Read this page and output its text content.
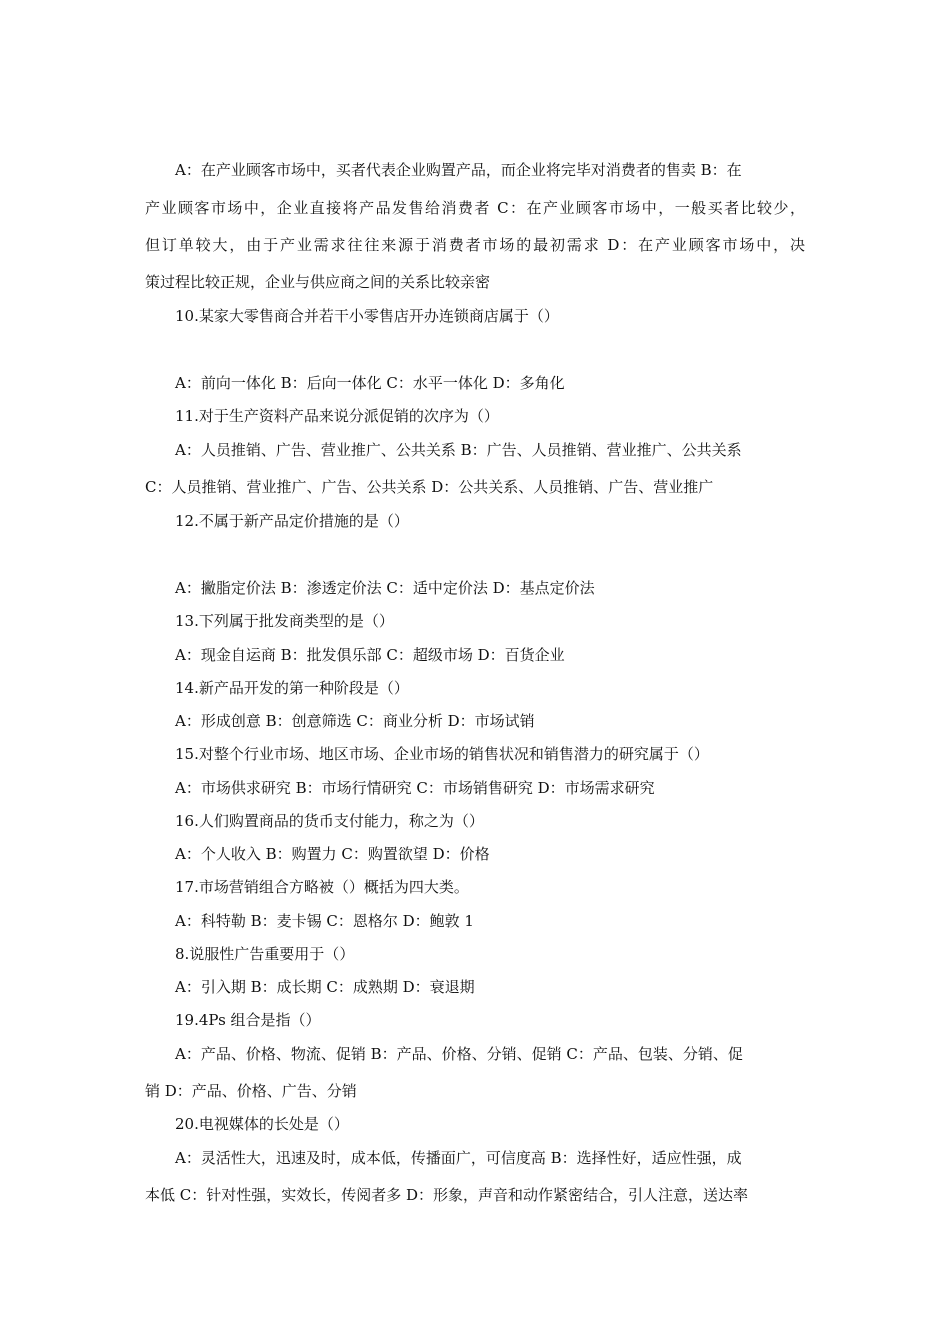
A：在产业顾客市场中，买者代表企业购置产品，而企业将完毕对消费者的售卖 B：在
产业顾客市场中，企业直接将产品发售给消费者 C：在产业顾客市场中，一般买者比较少，
但订单较大，由于产业需求往往来源于消费者市场的最初需求 D：在产业顾客市场中，决
策过程比较正规，企业与供应商之间的关系比较亲密
10.某家大零售商合并若干小零售店开办连锁商店属于（）
A：前向一体化 B：后向一体化 C：水平一体化 D：多角化
11.对于生产资料产品来说分派促销的次序为（）
A：人员推销、广告、营业推广、公共关系 B：广告、人员推销、营业推广、公共关系
C：人员推销、营业推广、广告、公共关系 D：公共关系、人员推销、广告、营业推广
12.不属于新产品定价措施的是（）
A：撇脂定价法 B：渗透定价法 C：适中定价法 D：基点定价法
13.下列属于批发商类型的是（）
A：现金自运商 B：批发俱乐部 C：超级市场 D：百货企业
14.新产品开发的第一种阶段是（）
A：形成创意 B：创意筛选 C：商业分析 D：市场试销
15.对整个行业市场、地区市场、企业市场的销售状况和销售潜力的研究属于（）
A：市场供求研究 B：市场行情研究 C：市场销售研究 D：市场需求研究
16.人们购置商品的货币支付能力，称之为（）
A：个人收入 B：购置力 C：购置欲望 D：价格
17.市场营销组合方略被（）概括为四大类。
A：科特勒 B：麦卡锡 C：恩格尔 D：鲍敦 1
8.说服性广告重要用于（）
A：引入期 B：成长期 C：成熟期 D：衰退期
19.4Ps 组合是指（）
A：产品、价格、物流、促销 B：产品、价格、分销、促销 C：产品、包装、分销、促
销 D：产品、价格、广告、分销
20.电视媒体的长处是（）
A：灵活性大，迅速及时，成本低，传播面广，可信度高 B：选择性好，适应性强，成
本低 C：针对性强，实效长，传阅者多 D：形象，声音和动作紧密结合，引人注意，送达率
